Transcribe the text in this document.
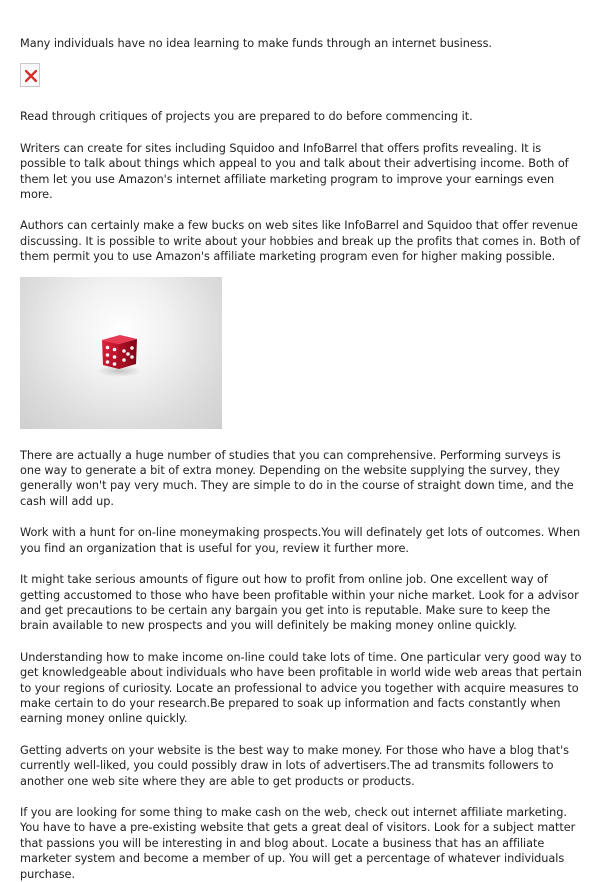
Many individuals have no idea learning to make funds through an internet business.

Read through critiques of projects you are prepared to do before commencing it.

Writers can create for sites including Squidoo and InfoBarrel that offers profits revealing. It is possible to talk about things which appeal to you and talk about their advertising income. Both of them let you use Amazon's internet affiliate marketing program to improve your earnings even more.

Authors can certainly make a few bucks on web sites like InfoBarrel and Squidoo that offer revenue discussing. It is possible to write about your hobbies and break up the profits that comes in. Both of them permit you to use Amazon's affiliate marketing program even for higher making possible.

There are actually a huge number of studies that you can comprehensive. Performing surveys is one way to generate a bit of extra money. Depending on the website supplying the survey, they generally won't pay very much. They are simple to do in the course of straight down time, and the cash will add up.

Work with a hunt for on-line moneymaking prospects.You will definately get lots of outcomes. When you find an organization that is useful for you, review it further more.

It might take serious amounts of figure out how to profit from online job. One excellent way of getting accustomed to those who have been profitable within your niche market. Look for a advisor and get precautions to be certain any bargain you get into is reputable. Make sure to keep the brain available to new prospects and you will definitely be making money online quickly.

Understanding how to make income on-line could take lots of time. One particular very good way to get knowledgeable about individuals who have been profitable in world wide web areas that pertain to your regions of curiosity. Locate an professional to advice you together with acquire measures to make certain to do your research.Be prepared to soak up information and facts constantly when earning money online quickly.

Getting adverts on your website is the best way to make money. For those who have a blog that's currently well-liked, you could possibly draw in lots of advertisers.The ad transmits followers to another one web site where they are able to get products or products.

If you are looking for some thing to make cash on the web, check out internet affiliate marketing. You have to have a pre-existing website that gets a great deal of visitors. Look for a subject matter that passions you will be interesting in and blog about. Locate a business that has an affiliate marketer system and become a member of up. You will get a percentage of whatever individuals purchase.
